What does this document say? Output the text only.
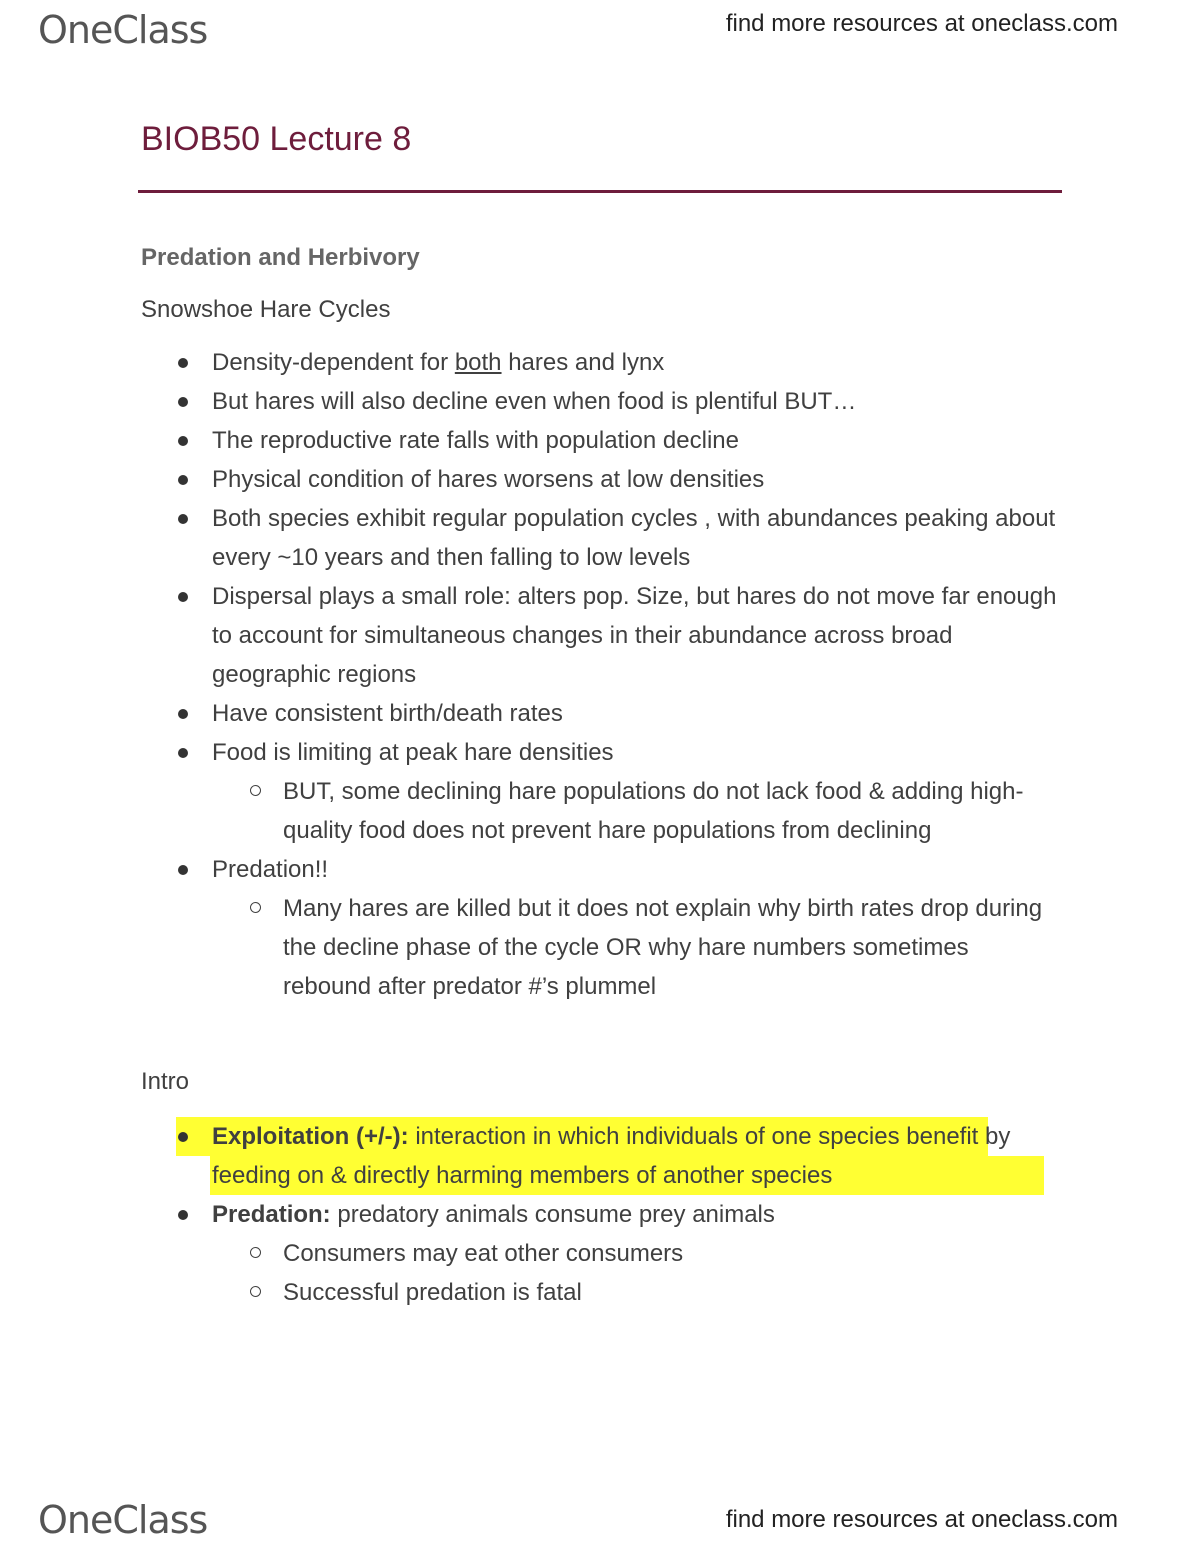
OneClass	find more resources at oneclass.com
BIOB50 Lecture 8
Predation and Herbivory

Snowshoe Hare Cycles

Density-dependent for both hares and lynx
But hares will also decline even when food is plentiful BUT…
The reproductive rate falls with population decline
Physical condition of hares worsens at low densities
Both species exhibit regular population cycles , with abundances peaking about every ~10 years and then falling to low levels
Dispersal plays a small role: alters pop. Size, but hares do not move far enough to account for simultaneous changes in their abundance across broad geographic regions
Have consistent birth/death rates
Food is limiting at peak hare densities
BUT, some declining hare populations do not lack food & adding high-quality food does not prevent hare populations from declining
Predation!!
Many hares are killed but it does not explain why birth rates drop during the decline phase of the cycle OR why hare numbers sometimes rebound after predator #’s plummel

Intro

Exploitation (+/-): interaction in which individuals of one species benefit by feeding on & directly harming members of another species
Predation: predatory animals consume prey animals
Consumers may eat other consumers
Successful predation is fatal
OneClass	find more resources at oneclass.com
